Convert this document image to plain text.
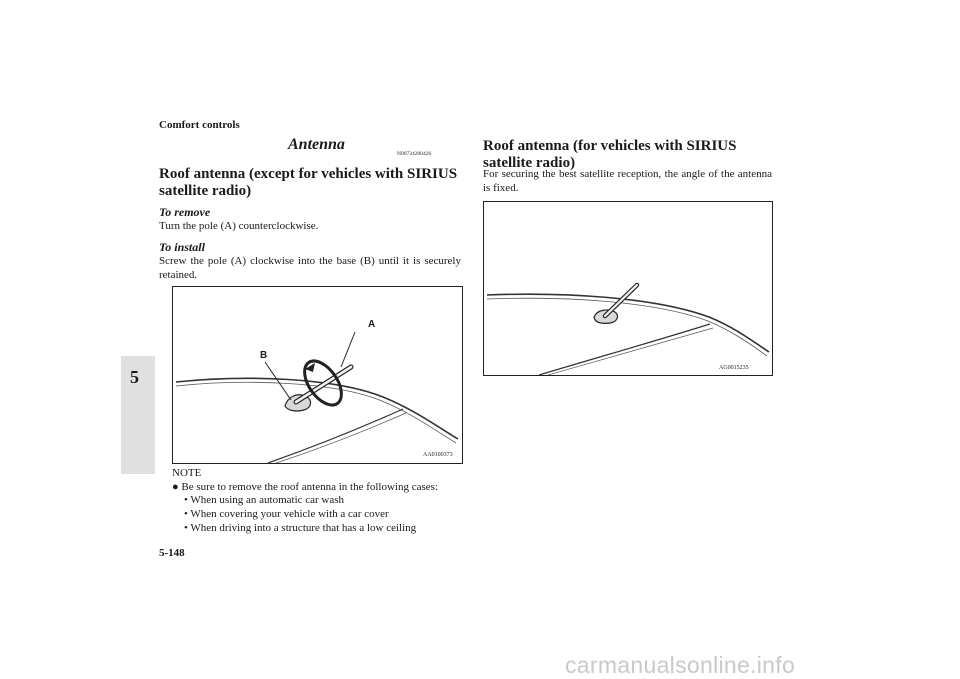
Comfort controls
5
Antenna
N00734200426
Roof antenna (except for vehicles with SIRIUS satellite radio)
To remove
Turn the pole (A) counterclockwise.
To install
Screw the pole (A) clockwise into the base (B) until it is securely retained.
A
B
AA0100373
NOTE
● Be sure to remove the roof antenna in the following cases:
• When using an automatic car wash
• When covering your vehicle with a car cover
• When driving into a structure that has a low ceiling
Roof antenna (for vehicles with SIRIUS satellite radio)
For securing the best satellite reception, the angle of the antenna is fixed.
AG0015235
5-148
carmanualsonline.info
